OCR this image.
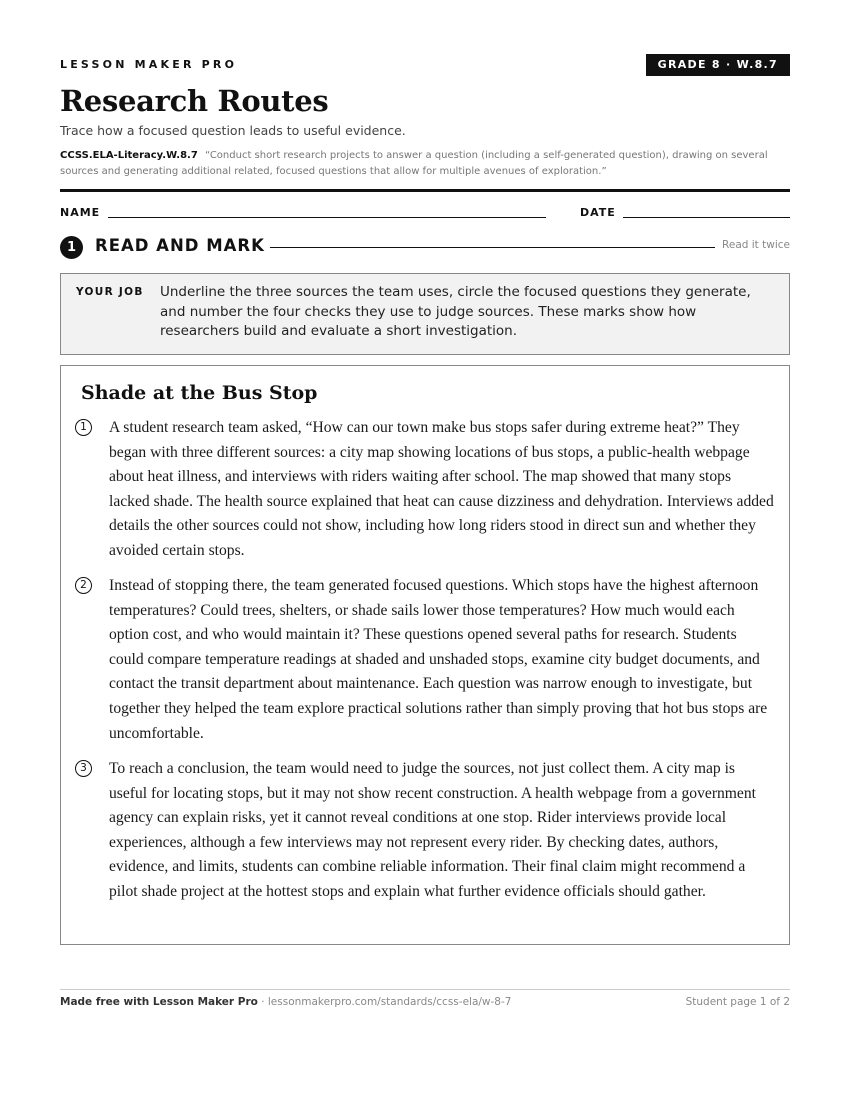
LESSON MAKER PRO	GRADE 8 · W.8.7
Research Routes
Trace how a focused question leads to useful evidence.
CCSS.ELA-Literacy.W.8.7 “Conduct short research projects to answer a question (including a self-generated question), drawing on several sources and generating additional related, focused questions that allow for multiple avenues of exploration.”
NAME	DATE
1	READ AND MARK	Read it twice
YOUR JOB Underline the three sources the team uses, circle the focused questions they generate, and number the four checks they use to judge sources. These marks show how researchers build and evaluate a short investigation.
Shade at the Bus Stop
1	A student research team asked, “How can our town make bus stops safer during extreme heat?” They began with three different sources: a city map showing locations of bus stops, a public-health webpage about heat illness, and interviews with riders waiting after school. The map showed that many stops lacked shade. The health source explained that heat can cause dizziness and dehydration. Interviews added details the other sources could not show, including how long riders stood in direct sun and whether they avoided certain stops.

2	Instead of stopping there, the team generated focused questions. Which stops have the highest afternoon temperatures? Could trees, shelters, or shade sails lower those temperatures? How much would each option cost, and who would maintain it? These questions opened several paths for research. Students could compare temperature readings at shaded and unshaded stops, examine city budget documents, and contact the transit department about maintenance. Each question was narrow enough to investigate, but together they helped the team explore practical solutions rather than simply proving that hot bus stops are uncomfortable.

3	To reach a conclusion, the team would need to judge the sources, not just collect them. A city map is useful for locating stops, but it may not show recent construction. A health webpage from a government agency can explain risks, yet it cannot reveal conditions at one stop. Rider interviews provide local experiences, although a few interviews may not represent every rider. By checking dates, authors, evidence, and limits, students can combine reliable information. Their final claim might recommend a pilot shade project at the hottest stops and explain what further evidence officials should gather.

Made free with Lesson Maker Pro · lessonmakerpro.com/standards/ccss-ela/w-8-7	Student page 1 of 2
